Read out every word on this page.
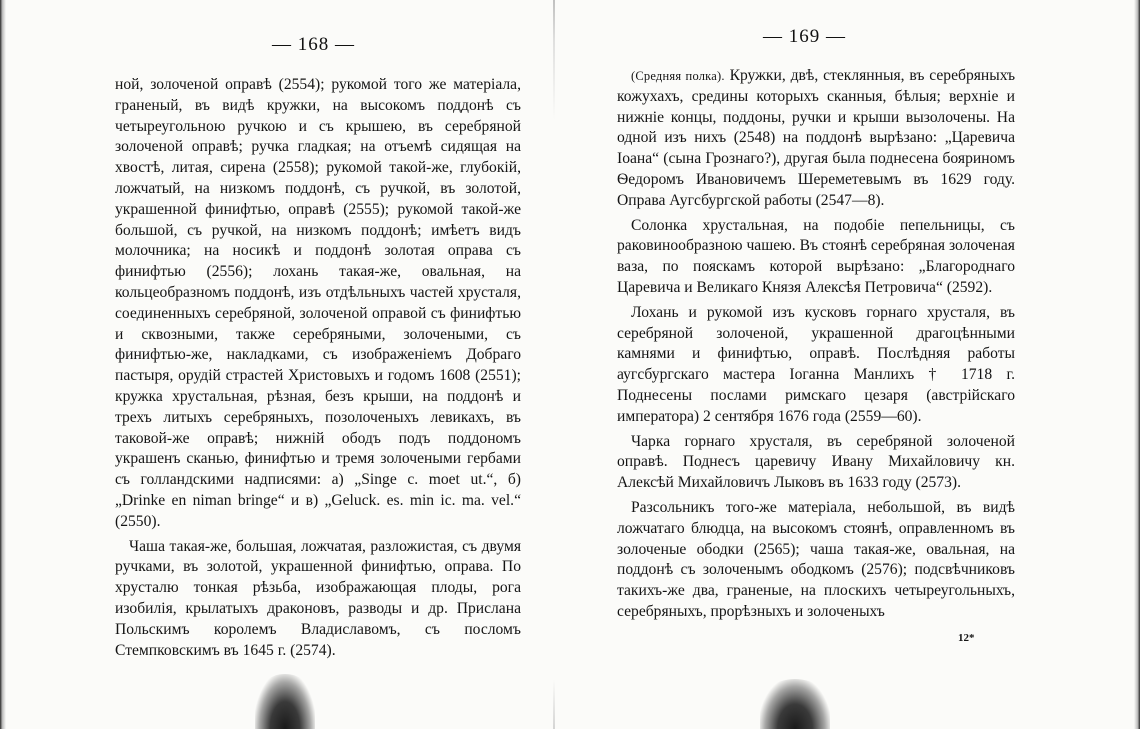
— 168 —

ной, золоченой оправѣ (2554); рукомой того же матеріала, граненый, въ видѣ кружки, на высокомъ поддонѣ съ четыреугольною ручкою и съ крышею, въ серебряной золоченой оправѣ; ручка гладкая; на отъемѣ сидящая на хвостѣ, литая, сирена (2558); рукомой такой-же, глубокій, ложчатый, на низкомъ поддонѣ, съ ручкой, въ золотой, украшенной финифтью, оправѣ (2555); рукомой такой-же большой, съ ручкой, на низкомъ поддонѣ; имѣетъ видъ молочника; на носикѣ и поддонѣ золотая оправа съ финифтью (2556); лохань такая-же, овальная, на кольцеобразномъ поддонѣ, изъ отдѣльныхъ частей хрусталя, соединенныхъ серебряной, золоченой оправой съ финифтью и сквозными, также серебряными, золочеными, съ финифтью-же, накладками, съ изображеніемъ Добраго пастыря, орудій страстей Христовыхъ и годомъ 1608 (2551); кружка хрустальная, рѣзная, безъ крыши, на поддонѣ и трехъ литыхъ серебряныхъ, позолоченыхъ левикахъ, въ таковой-же оправѣ; нижній ободъ подъ поддономъ украшенъ сканью, финифтью и тремя золочеными гербами съ голландскими надписями: а) „Singe c. moet ut.“, б) „Drinke en niman bringe“ и в) „Geluck. es. min ic. ma. vel.“ (2550).

Чаша такая-же, большая, ложчатая, разложистая, съ двумя ручками, въ золотой, украшенной финифтью, оправа. По хрусталю тонкая рѣзьба, изображающая плоды, рога изобилія, крылатыхъ драконовъ, разводы и др. Прислана Польскимъ королемъ Владиславомъ, съ посломъ Стемпковскимъ въ 1645 г. (2574).

— 169 —

(Средняя полка). Кружки, двѣ, стеклянныя, въ серебряныхъ кожухахъ, средины которыхъ сканныя, бѣлыя; верхніе и нижніе концы, поддоны, ручки и крыши вызолочены. На одной изъ нихъ (2548) на поддонѣ вырѣзано: „Царевича Іоана“ (сына Грознаго?), другая была поднесена бояриномъ Ѳедоромъ Ивановичемъ Шереметевымъ въ 1629 году. Оправа Аугсбургской работы (2547—8).

Солонка хрустальная, на подобіе пепельницы, съ раковинообразною чашею. Въ стоянѣ серебряная золоченая ваза, по пояскамъ которой вырѣзано: „Благороднаго Царевича и Великаго Князя Алексѣя Петровича“ (2592).

Лохань и рукомой изъ кусковъ горнаго хрусталя, въ серебряной золоченой, украшенной драгоцѣнными камнями и финифтью, оправѣ. Послѣдняя работы аугсбургскаго мастера Іоганна Манлихъ † 1718 г. Поднесены послами римскаго цезаря (австрійскаго императора) 2 сентября 1676 года (2559—60).

Чарка горнаго хрусталя, въ серебряной золоченой оправѣ. Поднесъ царевичу Ивану Михайловичу кн. Алексѣй Михайловичъ Лыковъ въ 1633 году (2573).

Разсольникъ того-же матеріала, небольшой, въ видѣ ложчатаго блюдца, на высокомъ стоянѣ, оправленномъ въ золоченые ободки (2565); чаша такая-же, овальная, на поддонѣ съ золоченымъ ободкомъ (2576); подсвѣчниковъ такихъ-же два, граненые, на плоскихъ четыреугольныхъ, серебряныхъ, прорѣзныхъ и золоченыхъ

12*
